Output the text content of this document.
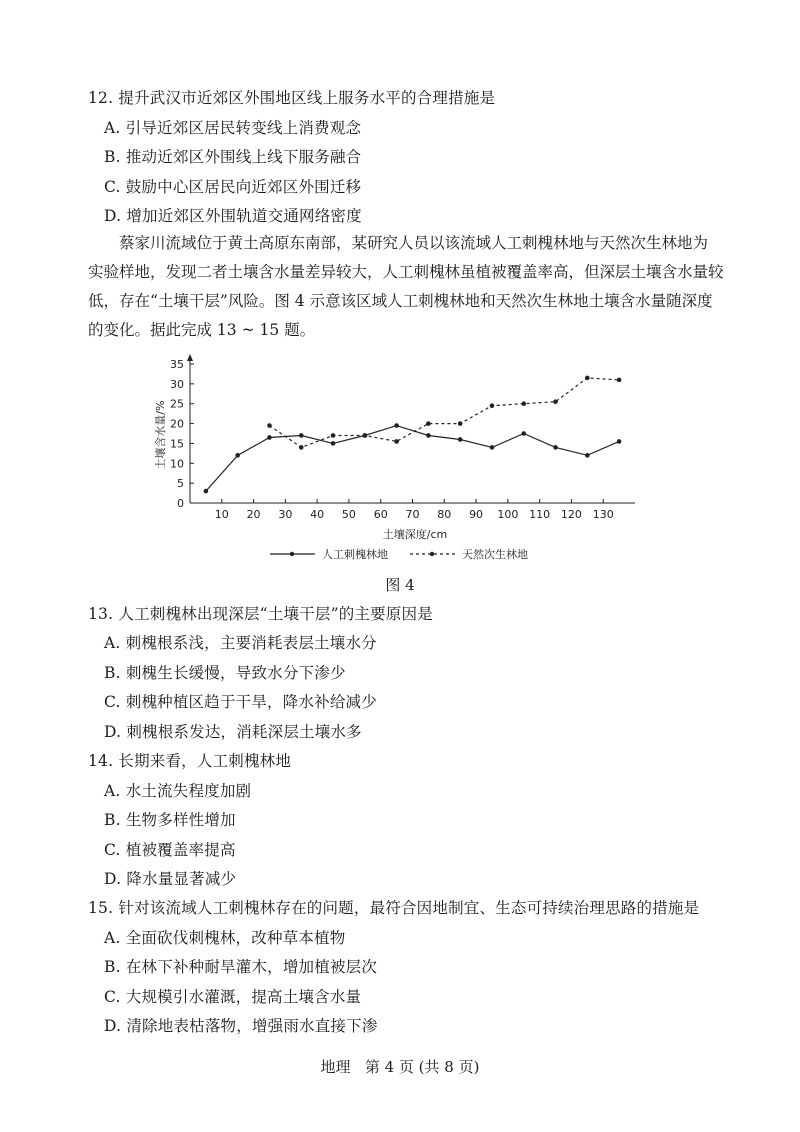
12. 提升武汉市近郊区外围地区线上服务水平的合理措施是
A. 引导近郊区居民转变线上消费观念
B. 推动近郊区外围线上线下服务融合
C. 鼓励中心区居民向近郊区外围迁移
D. 增加近郊区外围轨道交通网络密度
蔡家川流域位于黄土高原东南部，某研究人员以该流域人工刺槐林地与天然次生林地为
实验样地，发现二者土壤含水量差异较大，人工刺槐林虽植被覆盖率高，但深层土壤含水量较
低，存在“土壤干层”风险。图 4 示意该区域人工刺槐林地和天然次生林地土壤含水量随深度
的变化。据此完成 13 ~ 15 题。
0
5
10
15
20
25
30
35
10 20 30 40 50 60 70 80 90 100 110 120 130
土壤深度/cm
土壤含水量/%
人工刺槐林地	天然次生林地
图 4
13. 人工刺槐林出现深层“土壤干层”的主要原因是
A. 刺槐根系浅，主要消耗表层土壤水分
B. 刺槐生长缓慢，导致水分下渗少
C. 刺槐种植区趋于干旱，降水补给减少
D. 刺槐根系发达，消耗深层土壤水多
14. 长期来看，人工刺槐林地
A. 水土流失程度加剧
B. 生物多样性增加
C. 植被覆盖率提高
D. 降水量显著减少
15. 针对该流域人工刺槐林存在的问题，最符合因地制宜、生态可持续治理思路的措施是
A. 全面砍伐刺槐林，改种草本植物
B. 在林下补种耐旱灌木，增加植被层次
C. 大规模引水灌溉，提高土壤含水量
D. 清除地表枯落物，增强雨水直接下渗
地理   第 4 页 (共 8 页)
